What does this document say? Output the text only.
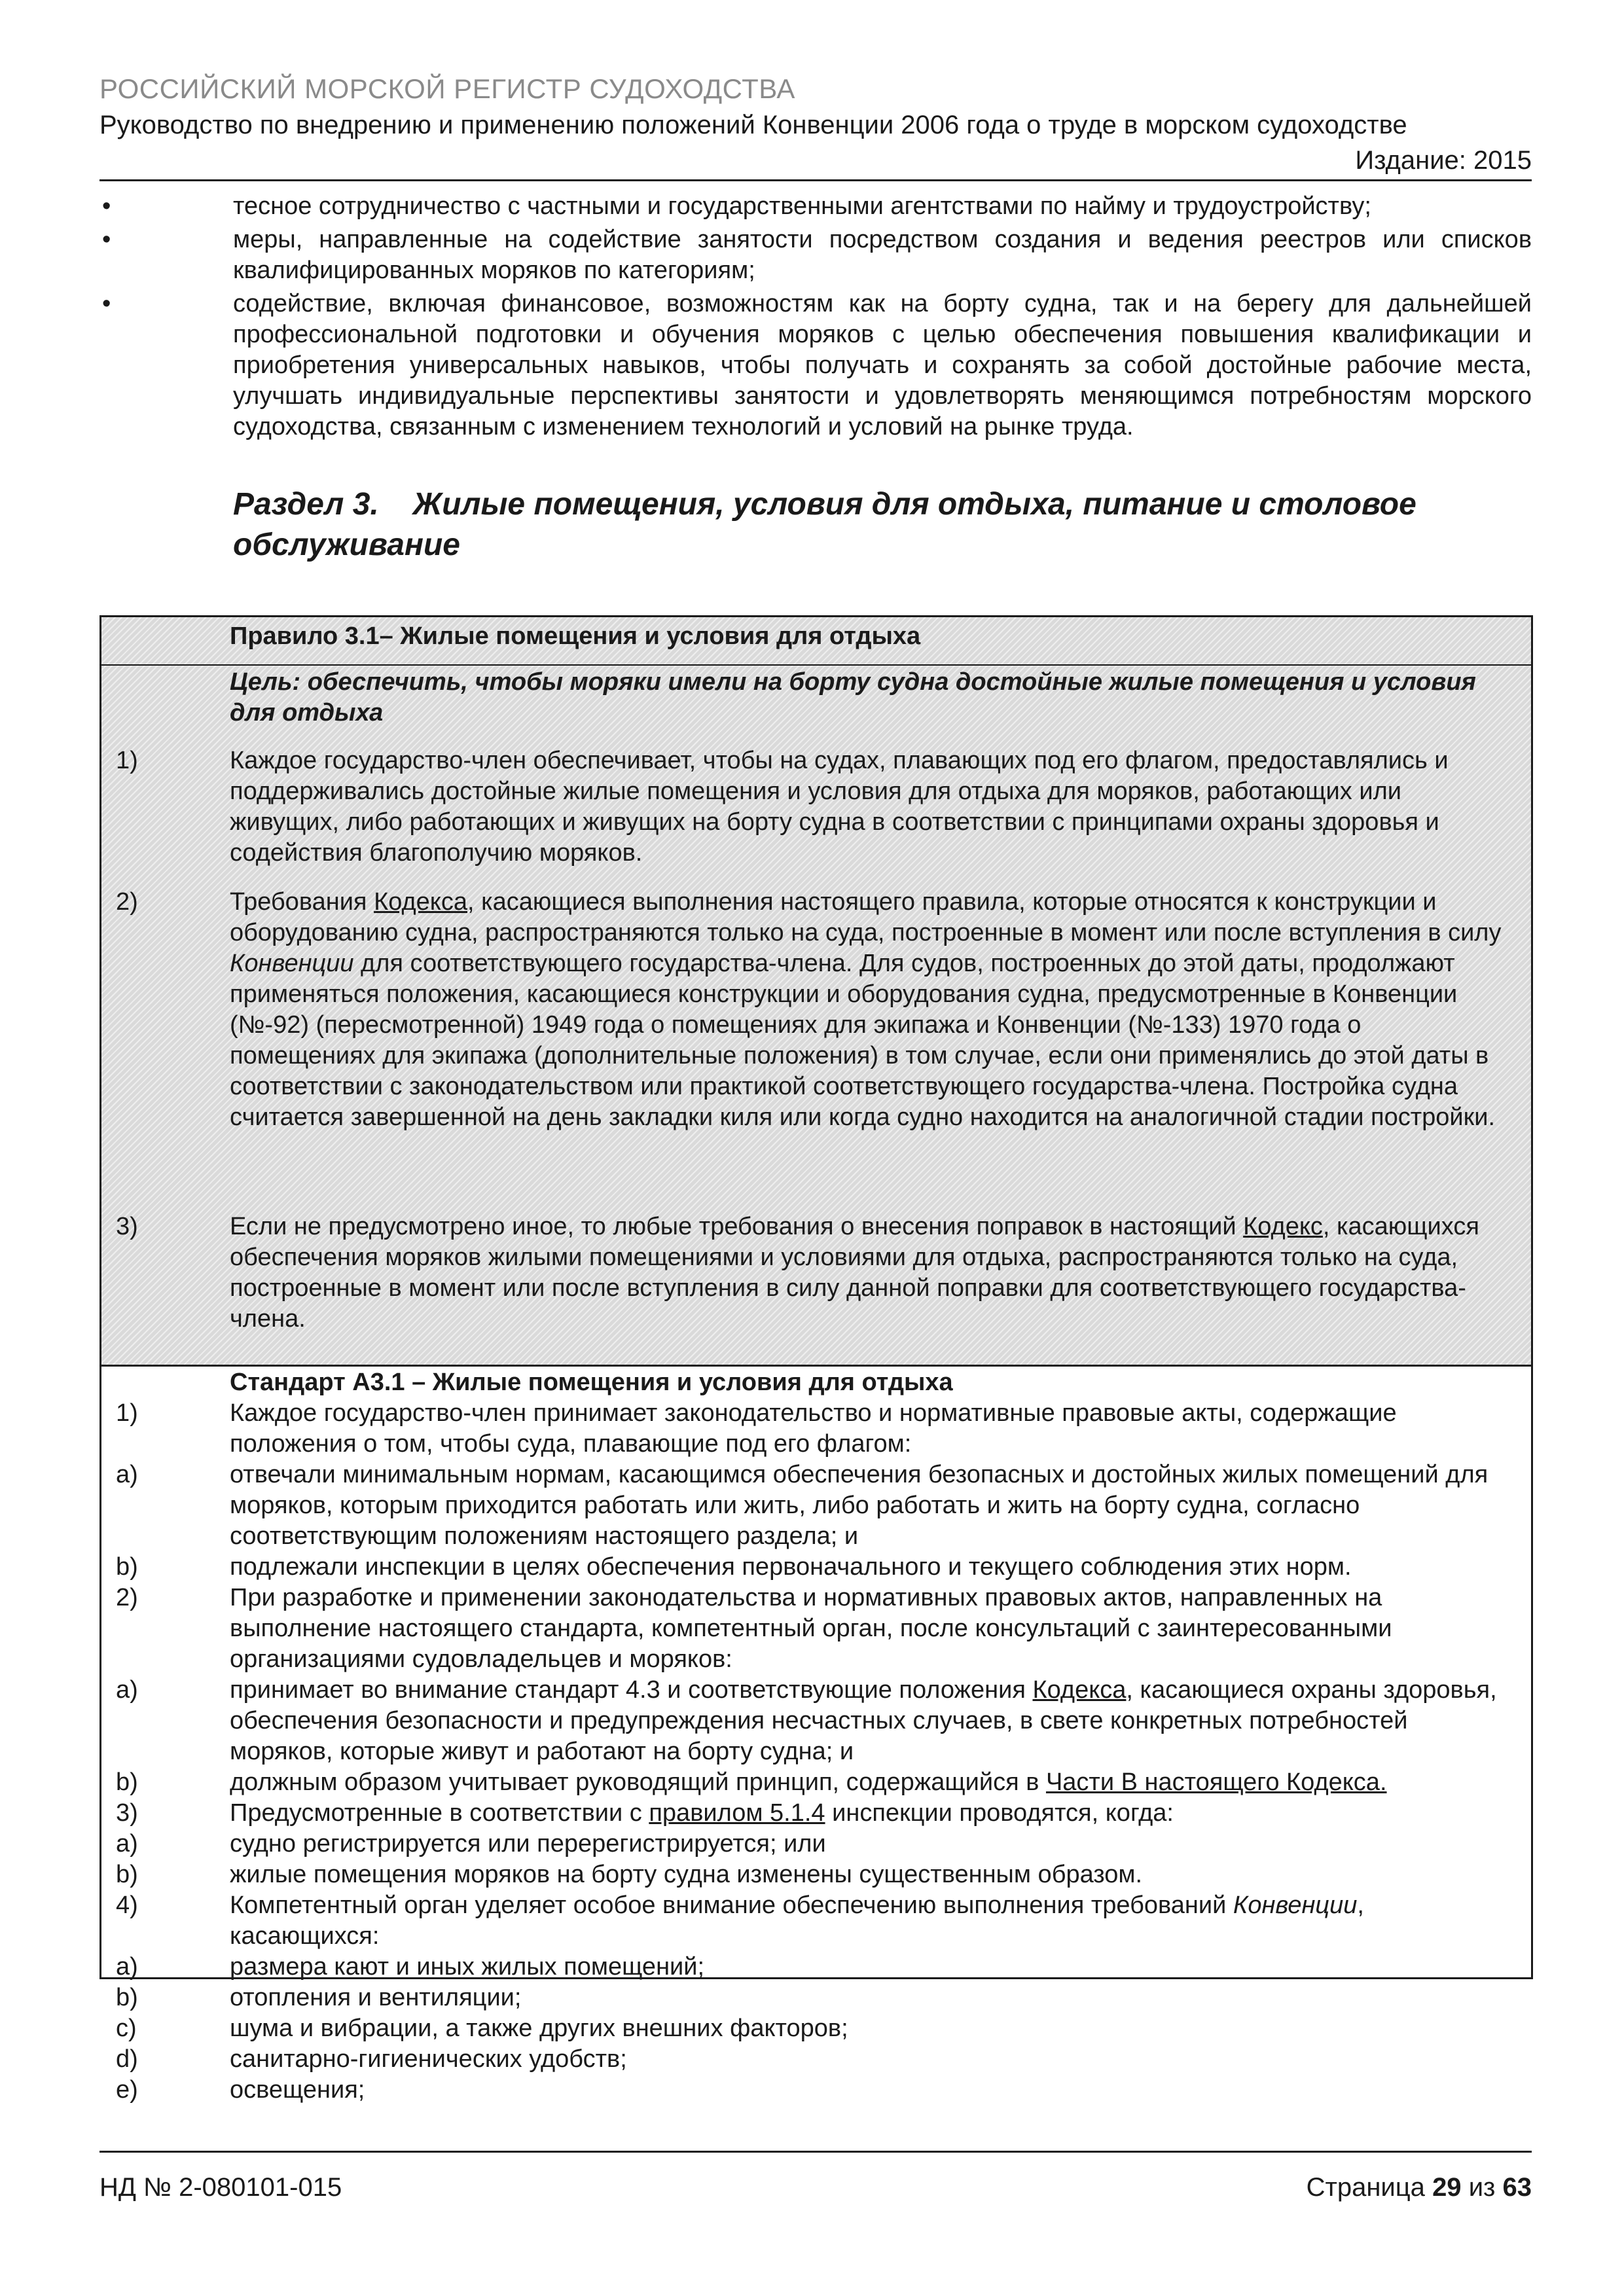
РОССИЙСКИЙ МОРСКОЙ РЕГИСТР СУДОХОДСТВА
Руководство по внедрению и применению положений Конвенции 2006 года о труде в морском судоходстве
Издание: 2015
•	тесное сотрудничество с частными и государственными агентствами по найму и трудоустройству;
•	меры, направленные на содействие занятости посредством создания и ведения реестров или списков квалифицированных моряков по категориям;
•	содействие, включая финансовое, возможностям как на борту судна, так и на берегу для дальнейшей профессиональной подготовки и обучения моряков с целью обеспечения повышения квалификации и приобретения универсальных навыков, чтобы получать и сохранять за собой достойные рабочие места, улучшать индивидуальные перспективы занятости и удовлетворять меняющимся потребностям морского судоходства, связанным с изменением технологий и условий на рынке труда.
Раздел 3. Жилые помещения, условия для отдыха, питание и столовое обслуживание
Правило 3.1– Жилые помещения и условия для отдыха
Цель: обеспечить, чтобы моряки имели на борту судна достойные жилые помещения и условия для отдыха
1)	Каждое государство-член обеспечивает, чтобы на судах, плавающих под его флагом, предоставлялись и поддерживались достойные жилые помещения и условия для отдыха для моряков, работающих или живущих, либо работающих и живущих на борту судна в соответствии с принципами охраны здоровья и содействия благополучию моряков.
2)	Требования Кодекса, касающиеся выполнения настоящего правила, которые относятся к конструкции и оборудованию судна, распространяются только на суда, построенные в момент или после вступления в силу Конвенции для соответствующего государства-члена. Для судов, построенных до этой даты, продолжают применяться положения, касающиеся конструкции и оборудования судна, предусмотренные в Конвенции (№-92) (пересмотренной) 1949 года о помещениях для экипажа и Конвенции (№-133) 1970 года о помещениях для экипажа (дополнительные положения) в том случае, если они применялись до этой даты в соответствии с законодательством или практикой соответствующего государства-члена. Постройка судна считается завершенной на день закладки киля или когда судно находится на аналогичной стадии постройки.
3)	Если не предусмотрено иное, то любые требования о внесения поправок в настоящий Кодекс, касающихся обеспечения моряков жилыми помещениями и условиями для отдыха, распространяются только на суда, построенные в момент или после вступления в силу данной поправки для соответствующего государства-члена.
Стандарт А3.1 – Жилые помещения и условия для отдыха
1)	Каждое государство-член принимает законодательство и нормативные правовые акты, содержащие положения о том, чтобы суда, плавающие под его флагом:
a)	отвечали минимальным нормам, касающимся обеспечения безопасных и достойных жилых помещений для моряков, которым приходится работать или жить, либо работать и жить на борту судна, согласно соответствующим положениям настоящего раздела; и
b)	подлежали инспекции в целях обеспечения первоначального и текущего соблюдения этих норм.
2)	При разработке и применении законодательства и нормативных правовых актов, направленных на выполнение настоящего стандарта, компетентный орган, после консультаций с заинтересованными организациями судовладельцев и моряков:
a)	принимает во внимание стандарт 4.3 и соответствующие положения Кодекса, касающиеся охраны здоровья, обеспечения безопасности и предупреждения несчастных случаев, в свете конкретных потребностей моряков, которые живут и работают на борту судна; и
b)	должным образом учитывает руководящий принцип, содержащийся в Части В настоящего Кодекса.
3)	Предусмотренные в соответствии с правилом 5.1.4 инспекции проводятся, когда:
a)	судно регистрируется или перерегистрируется; или
b)	жилые помещения моряков на борту судна изменены существенным образом.
4)	Компетентный орган уделяет особое внимание обеспечению выполнения требований Конвенции, касающихся:
a)	размера кают и иных жилых помещений;
b)	отопления и вентиляции;
c)	шума и вибрации, а также других внешних факторов;
d)	санитарно-гигиенических удобств;
e)	освещения;
НД № 2-080101-015	Страница 29 из 63
